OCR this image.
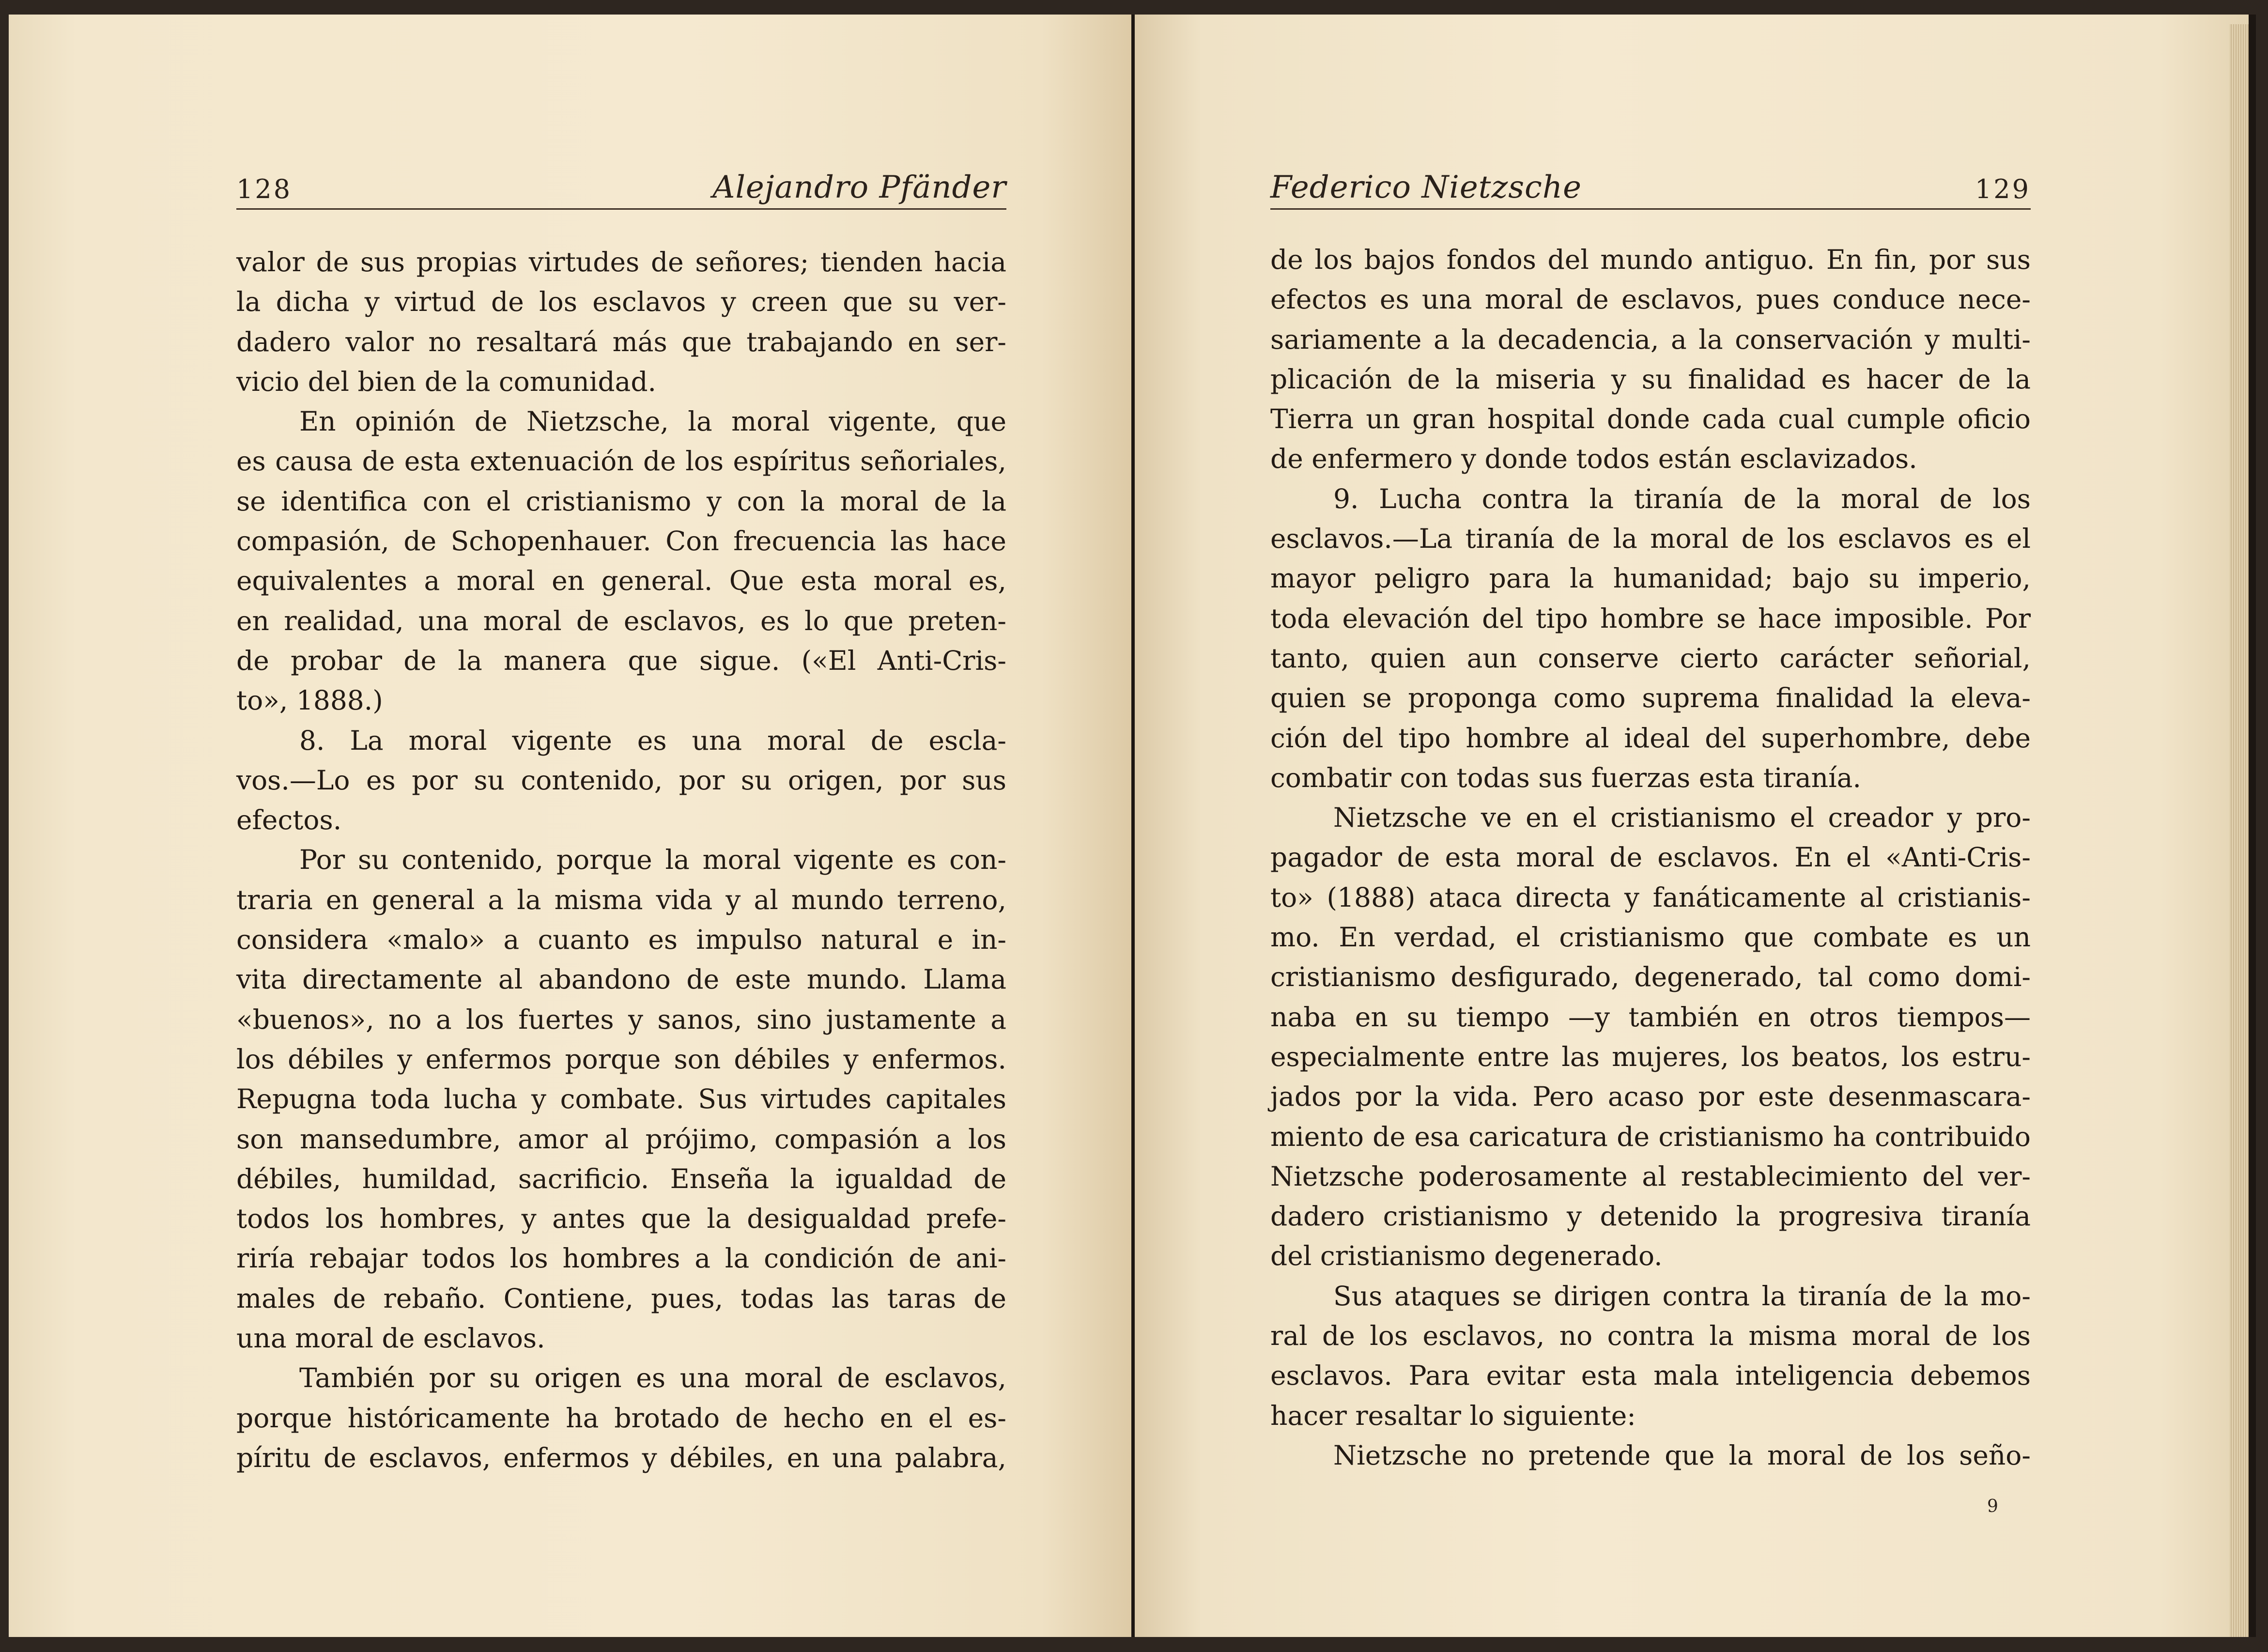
128	Alejandro Pfänder
valor de sus propias virtudes de señores; tienden hacia
la dicha y virtud de los esclavos y creen que su ver-
dadero valor no resaltará más que trabajando en ser-
vicio del bien de la comunidad.
En opinión de Nietzsche, la moral vigente, que
es causa de esta extenuación de los espíritus señoriales,
se identifica con el cristianismo y con la moral de la
compasión, de Schopenhauer. Con frecuencia las hace
equivalentes a moral en general. Que esta moral es,
en realidad, una moral de esclavos, es lo que preten-
de probar de la manera que sigue. («El Anti-Cris-
to», 1888.)
8. La moral vigente es una moral de escla-
vos.—Lo es por su contenido, por su origen, por sus
efectos.
Por su contenido, porque la moral vigente es con-
traria en general a la misma vida y al mundo terreno,
considera «malo» a cuanto es impulso natural e in-
vita directamente al abandono de este mundo. Llama
«buenos», no a los fuertes y sanos, sino justamente a
los débiles y enfermos porque son débiles y enfermos.
Repugna toda lucha y combate. Sus virtudes capitales
son mansedumbre, amor al prójimo, compasión a los
débiles, humildad, sacrificio. Enseña la igualdad de
todos los hombres, y antes que la desigualdad prefe-
riría rebajar todos los hombres a la condición de ani-
males de rebaño. Contiene, pues, todas las taras de
una moral de esclavos.
También por su origen es una moral de esclavos,
porque históricamente ha brotado de hecho en el es-
píritu de esclavos, enfermos y débiles, en una palabra,
Federico Nietzsche	129
de los bajos fondos del mundo antiguo. En fin, por sus
efectos es una moral de esclavos, pues conduce nece-
sariamente a la decadencia, a la conservación y multi-
plicación de la miseria y su finalidad es hacer de la
Tierra un gran hospital donde cada cual cumple oficio
de enfermero y donde todos están esclavizados.
9. Lucha contra la tiranía de la moral de los
esclavos.—La tiranía de la moral de los esclavos es el
mayor peligro para la humanidad; bajo su imperio,
toda elevación del tipo hombre se hace imposible. Por
tanto, quien aun conserve cierto carácter señorial,
quien se proponga como suprema finalidad la eleva-
ción del tipo hombre al ideal del superhombre, debe
combatir con todas sus fuerzas esta tiranía.
Nietzsche ve en el cristianismo el creador y pro-
pagador de esta moral de esclavos. En el «Anti-Cris-
to» (1888) ataca directa y fanáticamente al cristianis-
mo. En verdad, el cristianismo que combate es un
cristianismo desfigurado, degenerado, tal como domi-
naba en su tiempo —y también en otros tiempos—
especialmente entre las mujeres, los beatos, los estru-
jados por la vida. Pero acaso por este desenmascara-
miento de esa caricatura de cristianismo ha contribuido
Nietzsche poderosamente al restablecimiento del ver-
dadero cristianismo y detenido la progresiva tiranía
del cristianismo degenerado.
Sus ataques se dirigen contra la tiranía de la mo-
ral de los esclavos, no contra la misma moral de los
esclavos. Para evitar esta mala inteligencia debemos
hacer resaltar lo siguiente:
Nietzsche no pretende que la moral de los seño-
9
